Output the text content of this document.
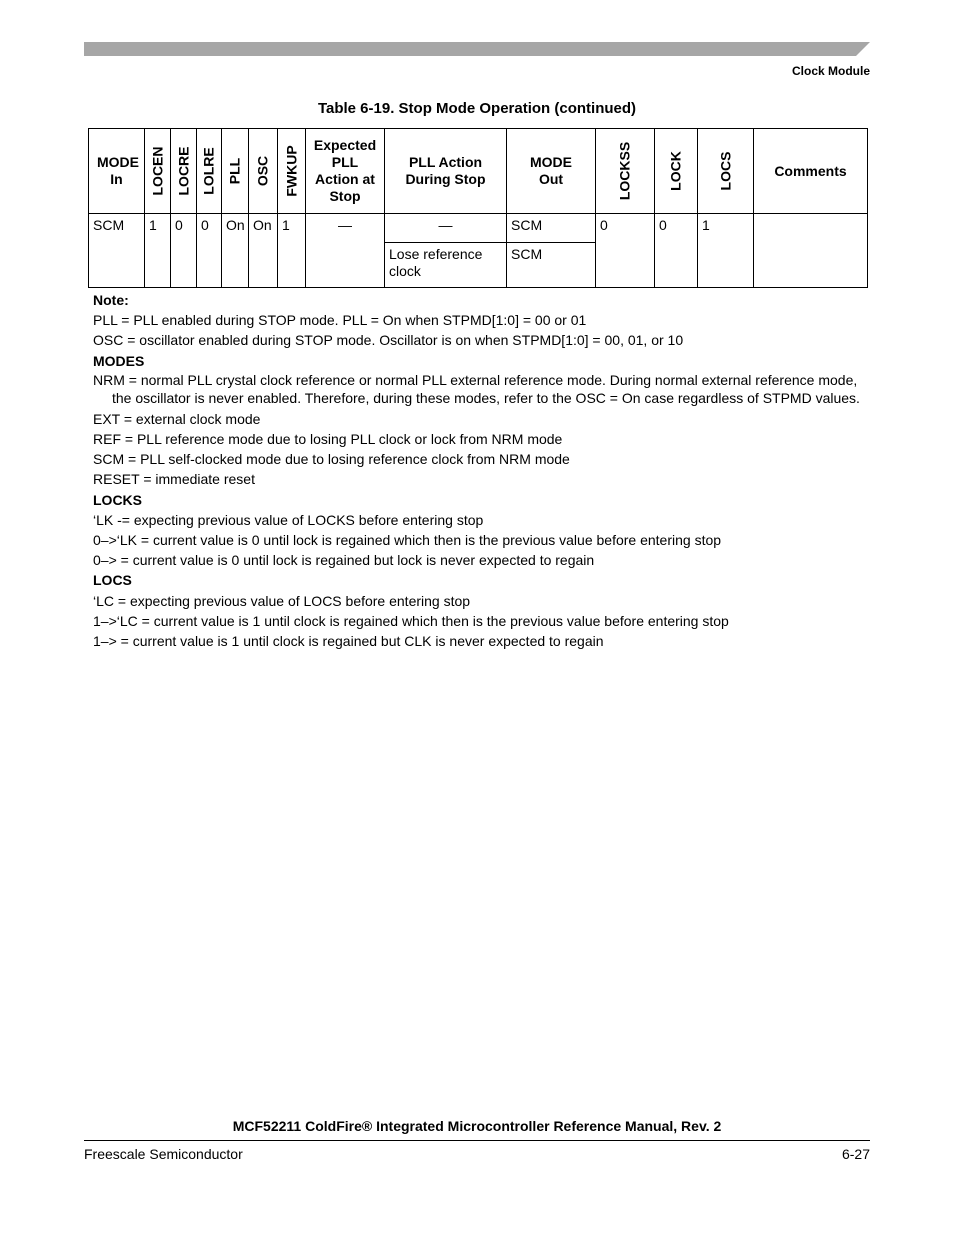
Clock Module
Table 6-19. Stop Mode Operation (continued)
MODE In	LOCEN	LOCRE	LOLRE	PLL	OSC	FWKUP	Expected PLL Action at Stop	PLL Action During Stop	MODE Out	LOCKSS	LOCK	LOCS	Comments
SCM	1	0	0	On	On	1	—	—	SCM	0	0	1	
								Lose reference clock	SCM				
Note:
PLL = PLL enabled during STOP mode. PLL = On when STPMD[1:0] = 00 or 01
OSC = oscillator enabled during STOP mode. Oscillator is on when STPMD[1:0] = 00, 01, or 10
MODES
NRM = normal PLL crystal clock reference or normal PLL external reference mode. During normal external reference mode, the oscillator is never enabled. Therefore, during these modes, refer to the OSC = On case regardless of STPMD values.
EXT = external clock mode
REF = PLL reference mode due to losing PLL clock or lock from NRM mode
SCM = PLL self-clocked mode due to losing reference clock from NRM mode
RESET = immediate reset
LOCKS
‘LK -= expecting previous value of LOCKS before entering stop
0–>‘LK = current value is 0 until lock is regained which then is the previous value before entering stop
0–> = current value is 0 until lock is regained but lock is never expected to regain
LOCS
‘LC = expecting previous value of LOCS before entering stop
1–>‘LC = current value is 1 until clock is regained which then is the previous value before entering stop
1–> = current value is 1 until clock is regained but CLK is never expected to regain
MCF52211 ColdFire® Integrated Microcontroller Reference Manual, Rev. 2
Freescale Semiconductor	6-27
